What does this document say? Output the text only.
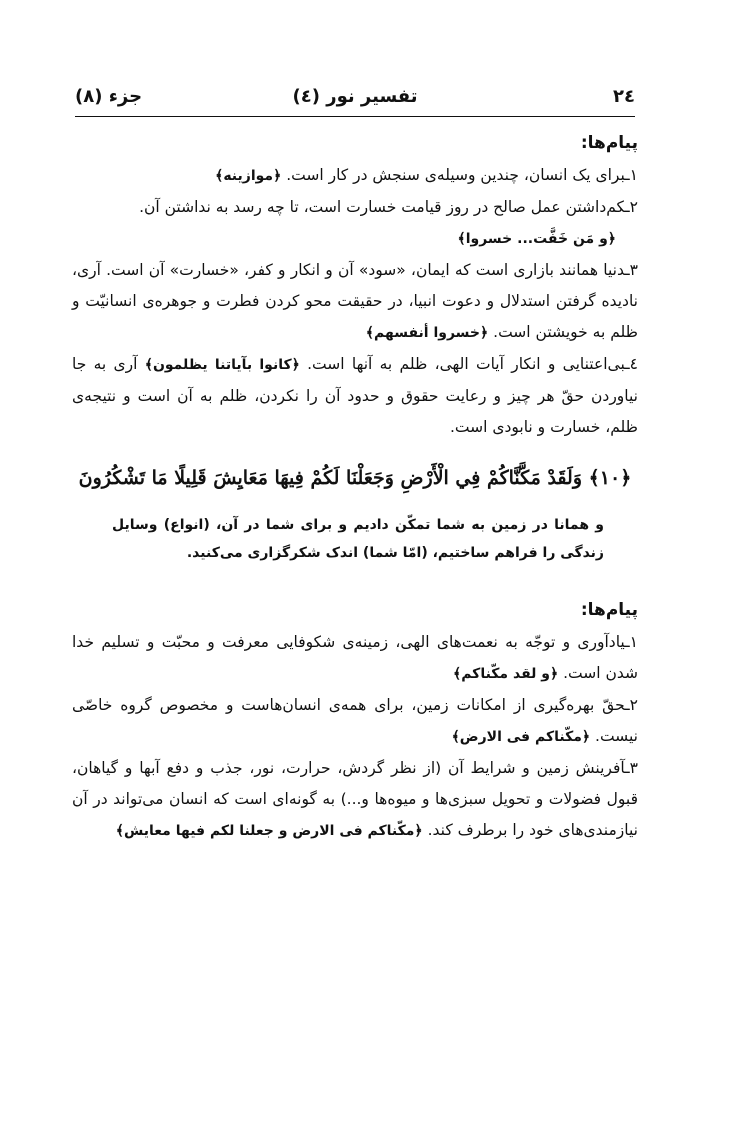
٢٤
تفسیر نور (٤)
جزء (٨)

پیام‌ها:

١ـبرای یک انسان، چندین وسیله‌ی سنجش در کار است. ﴿موازینه﴾

٢ـکم‌داشتن عمل صالح در روز قیامت خسارت است، تا چه رسد به نداشتن آن.
﴿و مَن خَفَّت... خسروا﴾

٣ـدنیا همانند بازاری است که ایمان، «سود» آن و انکار و کفر، «خسارت» آن است. آری، نادیده گرفتن استدلال و دعوت انبیا، در حقیقت محو کردن فطرت و جوهره‌ی انسانیّت و ظلم به خویشتن است. ﴿خسروا أنفسهم﴾

٤ـبی‌اعتنایی و انکار آیات الهی، ظلم به آنها است. ﴿كانوا بآياتنا يظلمون﴾ آری به جا نیاوردن حقّ هر چیز و رعایت حقوق و حدود آن را نکردن، ظلم به آن است و نتیجه‌ی ظلم، خسارت و نابودی است.

﴿١٠﴾ وَلَقَدْ مَكَّنَّاكُمْ فِي الْأَرْضِ وَجَعَلْنَا لَكُمْ فِيهَا مَعَايِشَ قَلِيلًا مَا تَشْكُرُونَ
و همانا در زمین به شما تمکّن دادیم و برای شما در آن، (انواع) وسایل زندگی را فراهم ساختیم، (امّا شما) اندک شکرگزاری می‌کنید.

پیام‌ها:

١ـیادآوری و توجّه به نعمت‌های الهی، زمینه‌ی شکوفایی معرفت و محبّت و تسلیم خدا شدن است. ﴿و لقد مكّناكم﴾

٢ـحقّ بهره‌گیری از امکانات زمین، برای همه‌ی انسان‌هاست و مخصوص گروه خاصّی نیست. ﴿مكّناكم فى الارض﴾

٣ـآفرینش زمین و شرایط آن (از نظر گردش، حرارت، نور، جذب و دفع آبها و گیاهان، قبول فضولات و تحویل سبزی‌ها و میوه‌ها و...) به گونه‌ای است که انسان می‌تواند در آن نیازمندی‌های خود را برطرف کند. ﴿مكّناكم فى الارض و جعلنا لكم فيها معايش﴾
